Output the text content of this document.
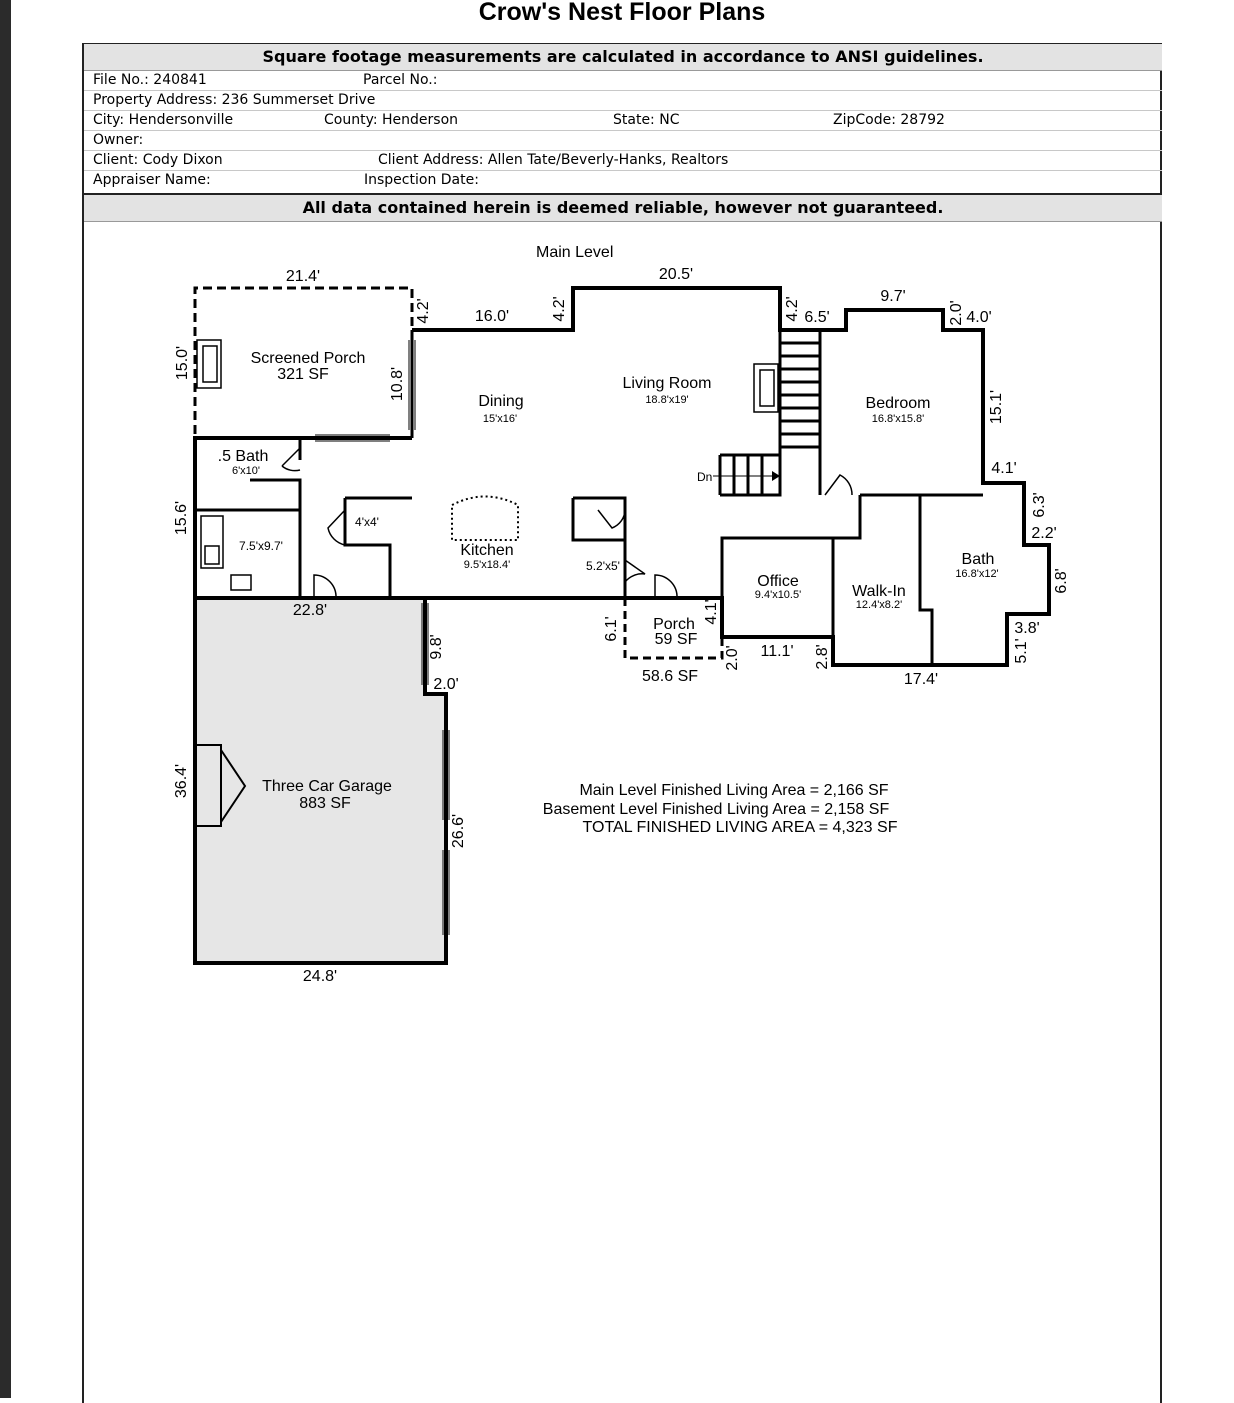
Crow's Nest Floor Plans
Square footage measurements are calculated in accordance to ANSI guidelines.
File No.: 240841	Parcel No.:
Property Address: 236 Summerset Drive
City: Hendersonville	County: Henderson	State: NC	ZipCode: 28792
Owner:
Client: Cody Dixon	Client Address: Allen Tate/Beverly-Hanks, Realtors
Appraiser Name:	Inspection Date:
All data contained herein is deemed reliable, however not guaranteed.
Dn
Main Level
Screened Porch
321 SF
Dining
15'x16'
Living Room
18.8'x19'	Bedroom
16.8'x15.8'
.5 Bath
6'x10'
7.5'x9.7'
4'x4'
Kitchen
9.5'x18.4'	5.2'x5'
Porch
59 SF
58.6 SF
Office
9.4'x10.5'	Walk-In
12.4'x8.2'
Bath
16.8'x12'
Three Car Garage
883 SF
21.4'	20.5'
16.0'
9.7'
6.5'	4.0'
4.1'
2.2'
22.8'
2.0'
11.1'
17.4'
3.8'
24.8'
15.0'
4.2'	4.2'	4.2'	2.0'
10.8'
15.1'
15.6'	6.3'
6.8'
6.1'
4.1'
2.0'	2.8'	5.1'
9.8'
36.4'
26.6'
Main Level Finished Living Area = 2,166 SF
Basement Level Finished Living Area = 2,158 SF
TOTAL FINISHED LIVING AREA = 4,323 SF
